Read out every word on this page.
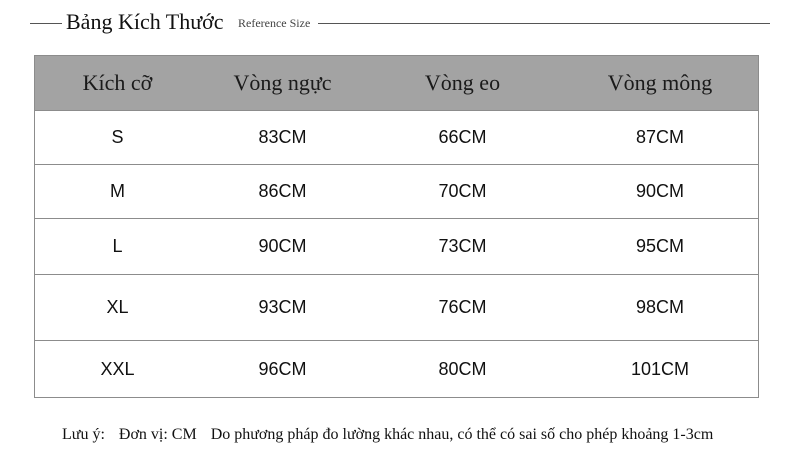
Bảng Kích Thước Reference Size
Kích cỡ	Vòng ngực	Vòng eo	Vòng mông
S	83CM	66CM	87CM
M	86CM	70CM	90CM
L	90CM	73CM	95CM
XL	93CM	76CM	98CM
XXL	96CM	80CM	101CM
Lưu ý: Đơn vị: CM Do phương pháp đo lường khác nhau, có thể có sai số cho phép khoảng 1-3cm
